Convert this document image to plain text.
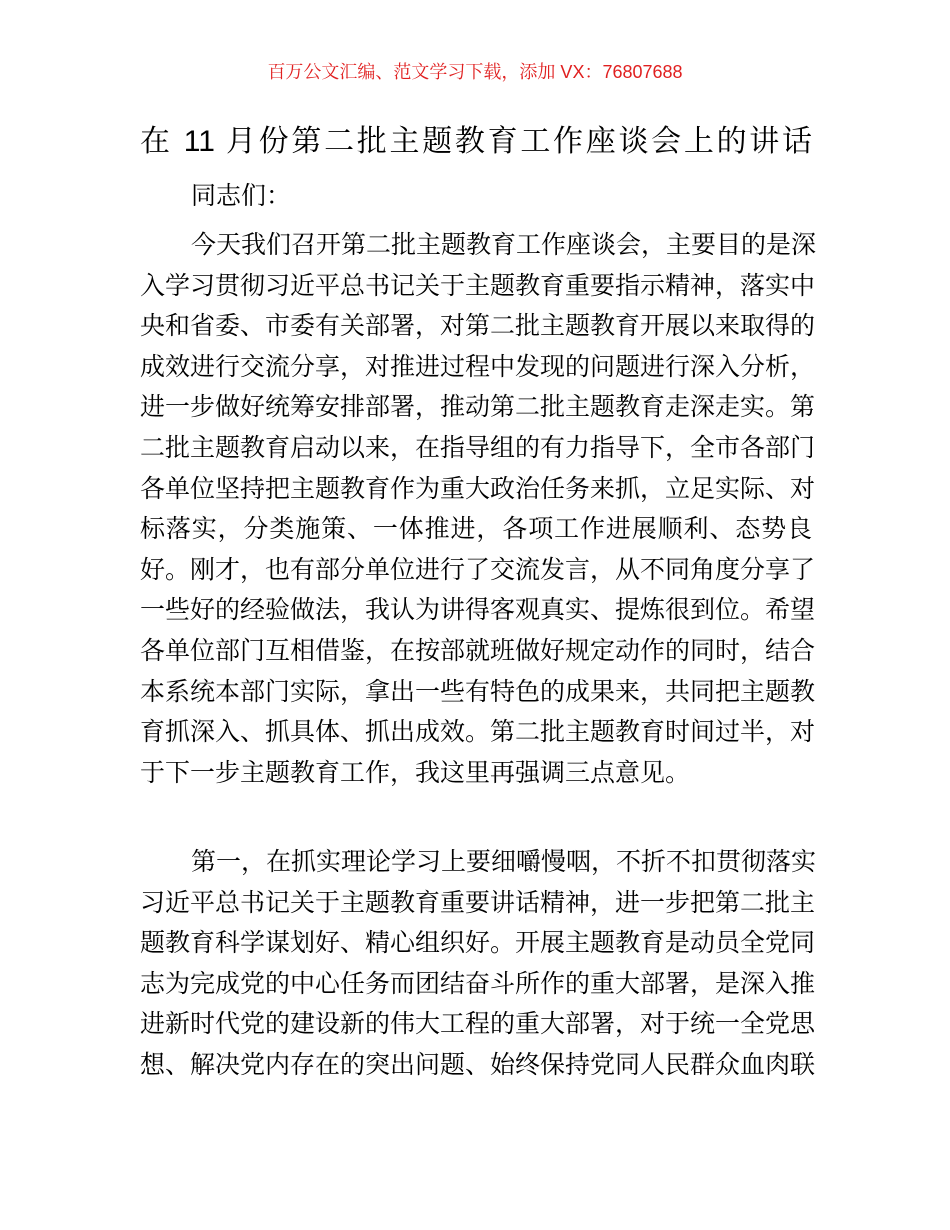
百万公文汇编、范文学习下载，添加 VX：76807688
在 11 月份第二批主题教育工作座谈会上的讲话
同志们：
今天我们召开第二批主题教育工作座谈会，主要目的是深
入学习贯彻习近平总书记关于主题教育重要指示精神，落实中
央和省委、市委有关部署，对第二批主题教育开展以来取得的
成效进行交流分享，对推进过程中发现的问题进行深入分析，
进一步做好统筹安排部署，推动第二批主题教育走深走实。第
二批主题教育启动以来，在指导组的有力指导下，全市各部门
各单位坚持把主题教育作为重大政治任务来抓，立足实际、对
标落实，分类施策、一体推进，各项工作进展顺利、态势良
好。刚才，也有部分单位进行了交流发言，从不同角度分享了
一些好的经验做法，我认为讲得客观真实、提炼很到位。希望
各单位部门互相借鉴，在按部就班做好规定动作的同时，结合
本系统本部门实际，拿出一些有特色的成果来，共同把主题教
育抓深入、抓具体、抓出成效。第二批主题教育时间过半，对
于下一步主题教育工作，我这里再强调三点意见。
第一，在抓实理论学习上要细嚼慢咽，不折不扣贯彻落实
习近平总书记关于主题教育重要讲话精神，进一步把第二批主
题教育科学谋划好、精心组织好。开展主题教育是动员全党同
志为完成党的中心任务而团结奋斗所作的重大部署，是深入推
进新时代党的建设新的伟大工程的重大部署，对于统一全党思
想、解决党内存在的突出问题、始终保持党同人民群众血肉联
